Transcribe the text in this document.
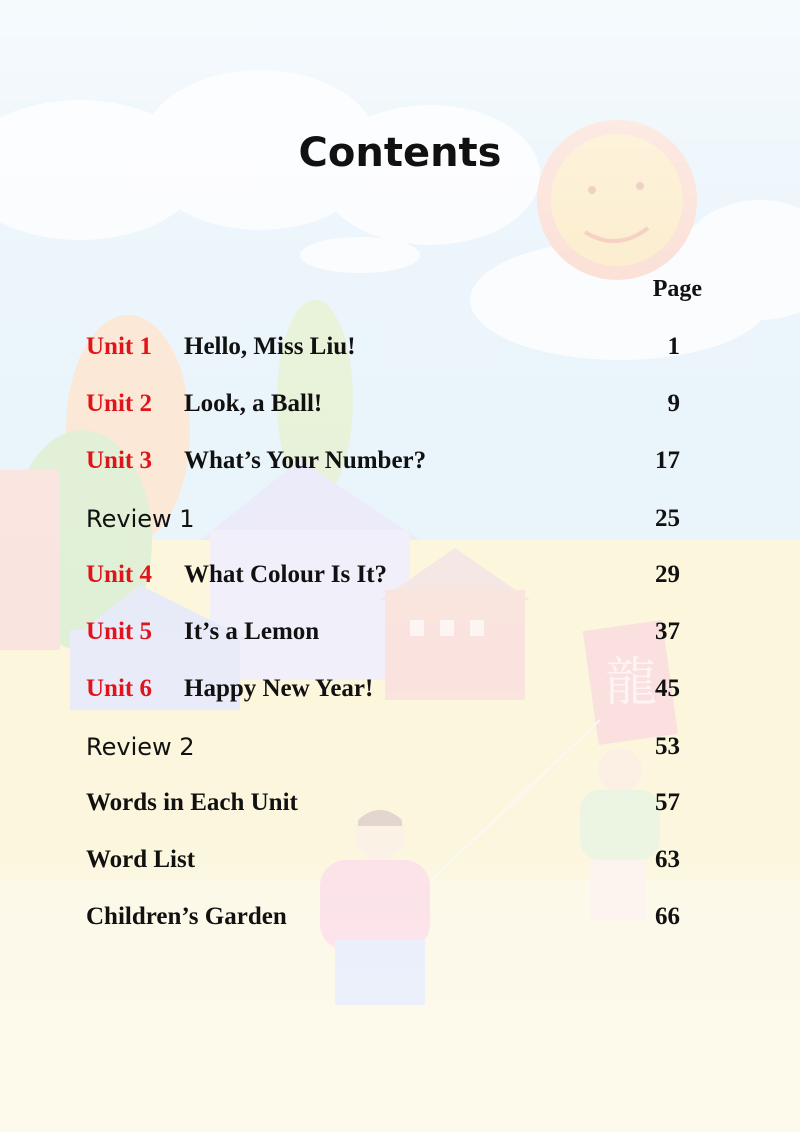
Contents
Page
Unit 1 Hello, Miss Liu!	1
Unit 2 Look, a Ball!	9
Unit 3 What’s Your Number?	17
Review 1	25
Unit 4 What Colour Is It?	29
Unit 5 It’s a Lemon	37
Unit 6 Happy New Year!	45
Review 2	53
Words in Each Unit	57
Word List	63
Children’s Garden	66
